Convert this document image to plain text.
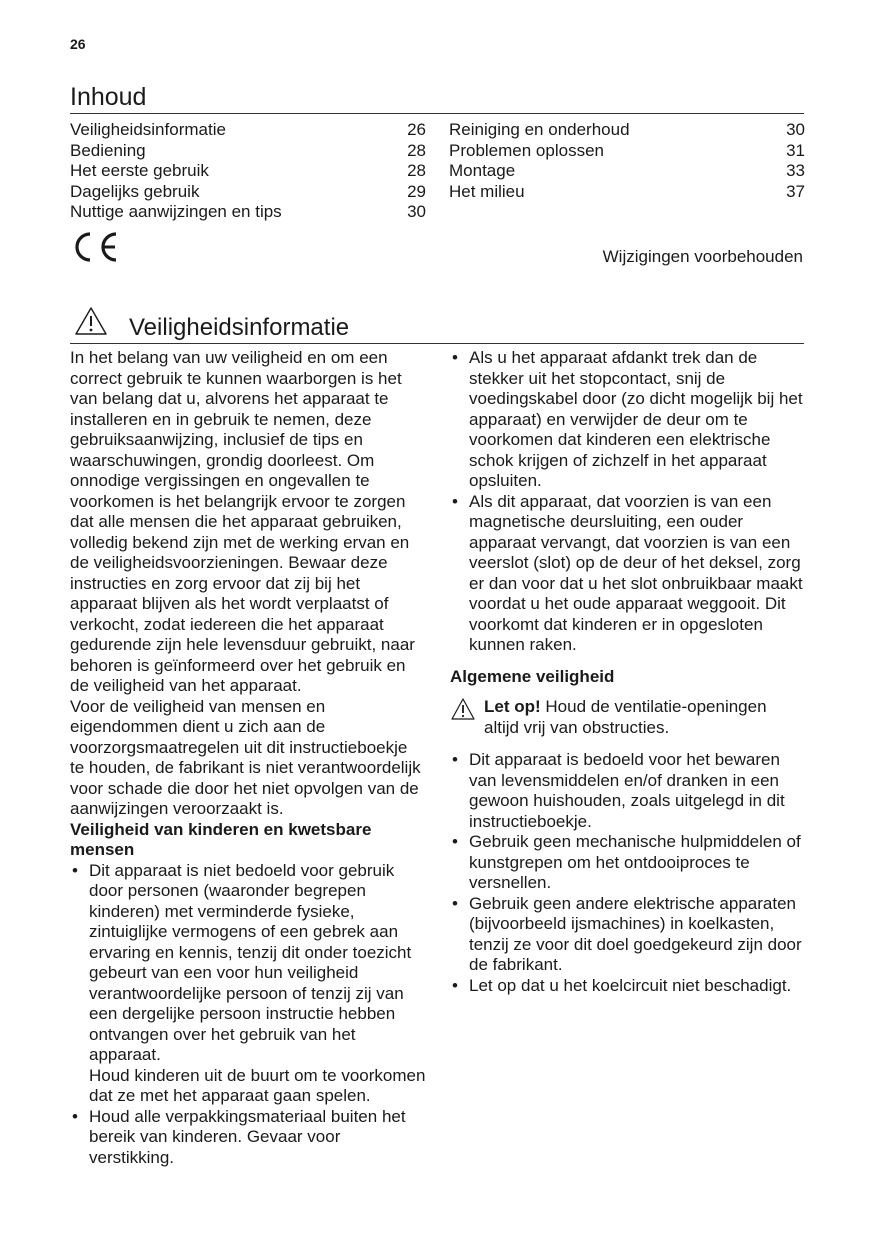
26
Inhoud
Veiligheidsinformatie	26
Bediening	28
Het eerste gebruik	28
Dagelijks gebruik	29
Nuttige aanwijzingen en tips	30
Reiniging en onderhoud	30
Problemen oplossen	31
Montage	33
Het milieu	37
Wijzigingen voorbehouden
Veiligheidsinformatie

In het belang van uw veiligheid en om een correct gebruik te kunnen waarborgen is het van belang dat u, alvorens het apparaat te installeren en in gebruik te nemen, deze gebruiksaanwijzing, inclusief de tips en waarschuwingen, grondig doorleest. Om onnodige vergissingen en ongevallen te voorkomen is het belangrijk ervoor te zorgen dat alle mensen die het apparaat gebruiken, volledig bekend zijn met de werking ervan en de veiligheidsvoorzieningen. Bewaar deze instructies en zorg ervoor dat zij bij het apparaat blijven als het wordt verplaatst of verkocht, zodat iedereen die het apparaat gedurende zijn hele levensduur gebruikt, naar behoren is geïnformeerd over het gebruik en de veiligheid van het apparaat.

Voor de veiligheid van mensen en eigendommen dient u zich aan de voorzorgsmaatregelen uit dit instructieboekje te houden, de fabrikant is niet verantwoordelijk voor schade die door het niet opvolgen van de aanwijzingen veroorzaakt is.

Veiligheid van kinderen en kwetsbare mensen

• Dit apparaat is niet bedoeld voor gebruik door personen (waaronder begrepen kinderen) met verminderde fysieke, zintuiglijke vermogens of een gebrek aan ervaring en kennis, tenzij dit onder toezicht gebeurt van een voor hun veiligheid verantwoordelijke persoon of tenzij zij van een dergelijke persoon instructie hebben ontvangen over het gebruik van het apparaat.
Houd kinderen uit de buurt om te voorkomen dat ze met het apparaat gaan spelen.
• Houd alle verpakkingsmateriaal buiten het bereik van kinderen. Gevaar voor verstikking.
• Als u het apparaat afdankt trek dan de stekker uit het stopcontact, snij de voedingskabel door (zo dicht mogelijk bij het apparaat) en verwijder de deur om te voorkomen dat kinderen een elektrische schok krijgen of zichzelf in het apparaat opsluiten.
• Als dit apparaat, dat voorzien is van een magnetische deursluiting, een ouder apparaat vervangt, dat voorzien is van een veerslot (slot) op de deur of het deksel, zorg er dan voor dat u het slot onbruikbaar maakt voordat u het oude apparaat weggooit. Dit voorkomt dat kinderen er in opgesloten kunnen raken.

Algemene veiligheid

Let op! Houd de ventilatie-openingen altijd vrij van obstructies.
• Dit apparaat is bedoeld voor het bewaren van levensmiddelen en/of dranken in een gewoon huishouden, zoals uitgelegd in dit instructieboekje.
• Gebruik geen mechanische hulpmiddelen of kunstgrepen om het ontdooiproces te versnellen.
• Gebruik geen andere elektrische apparaten (bijvoorbeeld ijsmachines) in koelkasten, tenzij ze voor dit doel goedgekeurd zijn door de fabrikant.
• Let op dat u het koelcircuit niet beschadigt.
